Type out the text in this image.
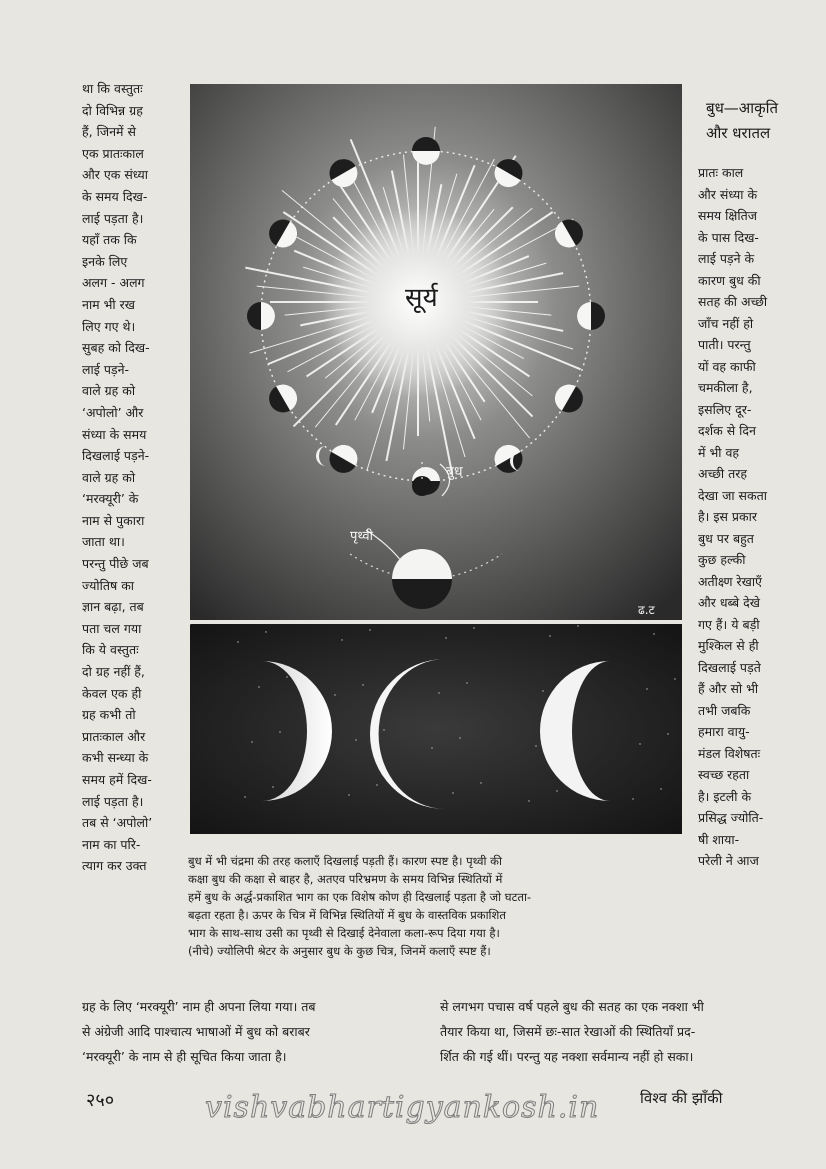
था कि वस्तुतः
दो विभिन्न ग्रह
हैं, जिनमें से
एक प्रातःकाल
और एक संध्या
के समय दिख-
लाई पड़ता है।
यहाँ तक कि
इनके लिए
अलग - अलग
नाम भी रख
लिए गए थे।
सुबह को दिख-
लाई पड़ने-
वाले ग्रह को
‘अपोलो’ और
संध्या के समय
दिखलाई पड़ने-
वाले ग्रह को
‘मरक्यूरी’ के
नाम से पुकारा
जाता था।
परन्तु पीछे जब
ज्योतिष का
ज्ञान बढ़ा, तब
पता चल गया
कि ये वस्तुतः
दो ग्रह नहीं हैं,
केवल एक ही
ग्रह कभी तो
प्रातःकाल और
कभी सन्ध्या के
समय हमें दिख-
लाई पड़ता है।
तब से ‘अपोलो’
नाम का परि-
त्याग कर उक्त
बुध—आकृति
और धरातल
प्रातः काल
और संध्या के
समय क्षितिज
के पास दिख-
लाई पड़ने के
कारण बुध की
सतह की अच्छी
जाँच नहीं हो
पाती। परन्तु
यों वह काफी
चमकीला है,
इसलिए दूर-
दर्शक से दिन
में भी वह
अच्छी तरह
देखा जा सकता
है। इस प्रकार
बुध पर बहुत
कुछ हल्की
अतीक्ष्ण रेखाएँ
और धब्बे देखे
गए हैं। ये बड़ी
मुश्किल से ही
दिखलाई पड़ते
हैं और सो भी
तभी जबकि
हमारा वायु-
मंडल विशेषतः
स्वच्छ रहता
है। इटली के
प्रसिद्ध ज्योति-
षी शाया-
परेली ने आज
सूर्य
बुध
पृथ्वी
ढ.ट
बुध में भी चंद्रमा की तरह कलाएँ दिखलाई पड़ती हैं। कारण स्पष्ट है। पृथ्वी की
कक्षा बुध की कक्षा से बाहर है, अतएव परिभ्रमण के समय विभिन्न स्थितियों में
हमें बुध के अर्द्ध-प्रकाशित भाग का एक विशेष कोण ही दिखलाई पड़ता है जो घटता-
बढ़ता रहता है। ऊपर के चित्र में विभिन्न स्थितियों में बुध के वास्तविक प्रकाशित
भाग के साथ-साथ उसी का पृथ्वी से दिखाई देनेवाला कला-रूप दिया गया है।
(नीचे) ज्योलिपी श्रेटर के अनुसार बुध के कुछ चित्र, जिनमें कलाएँ स्पष्ट हैं।
ग्रह के लिए ‘मरक्यूरी’ नाम ही अपना लिया गया। तब
से अंग्रेजी आदि पाश्चात्य भाषाओं में बुध को बराबर
‘मरक्यूरी’ के नाम से ही सूचित किया जाता है।
से लगभग पचास वर्ष पहले बुध की सतह का एक नक्शा भी
तैयार किया था, जिसमें छः-सात रेखाओं की स्थितियाँ प्रद-
र्शित की गई थीं। परन्तु यह नक्शा सर्वमान्य नहीं हो सका।
२५०	vishvabhartigyankosh.in	विश्व की झाँकी
